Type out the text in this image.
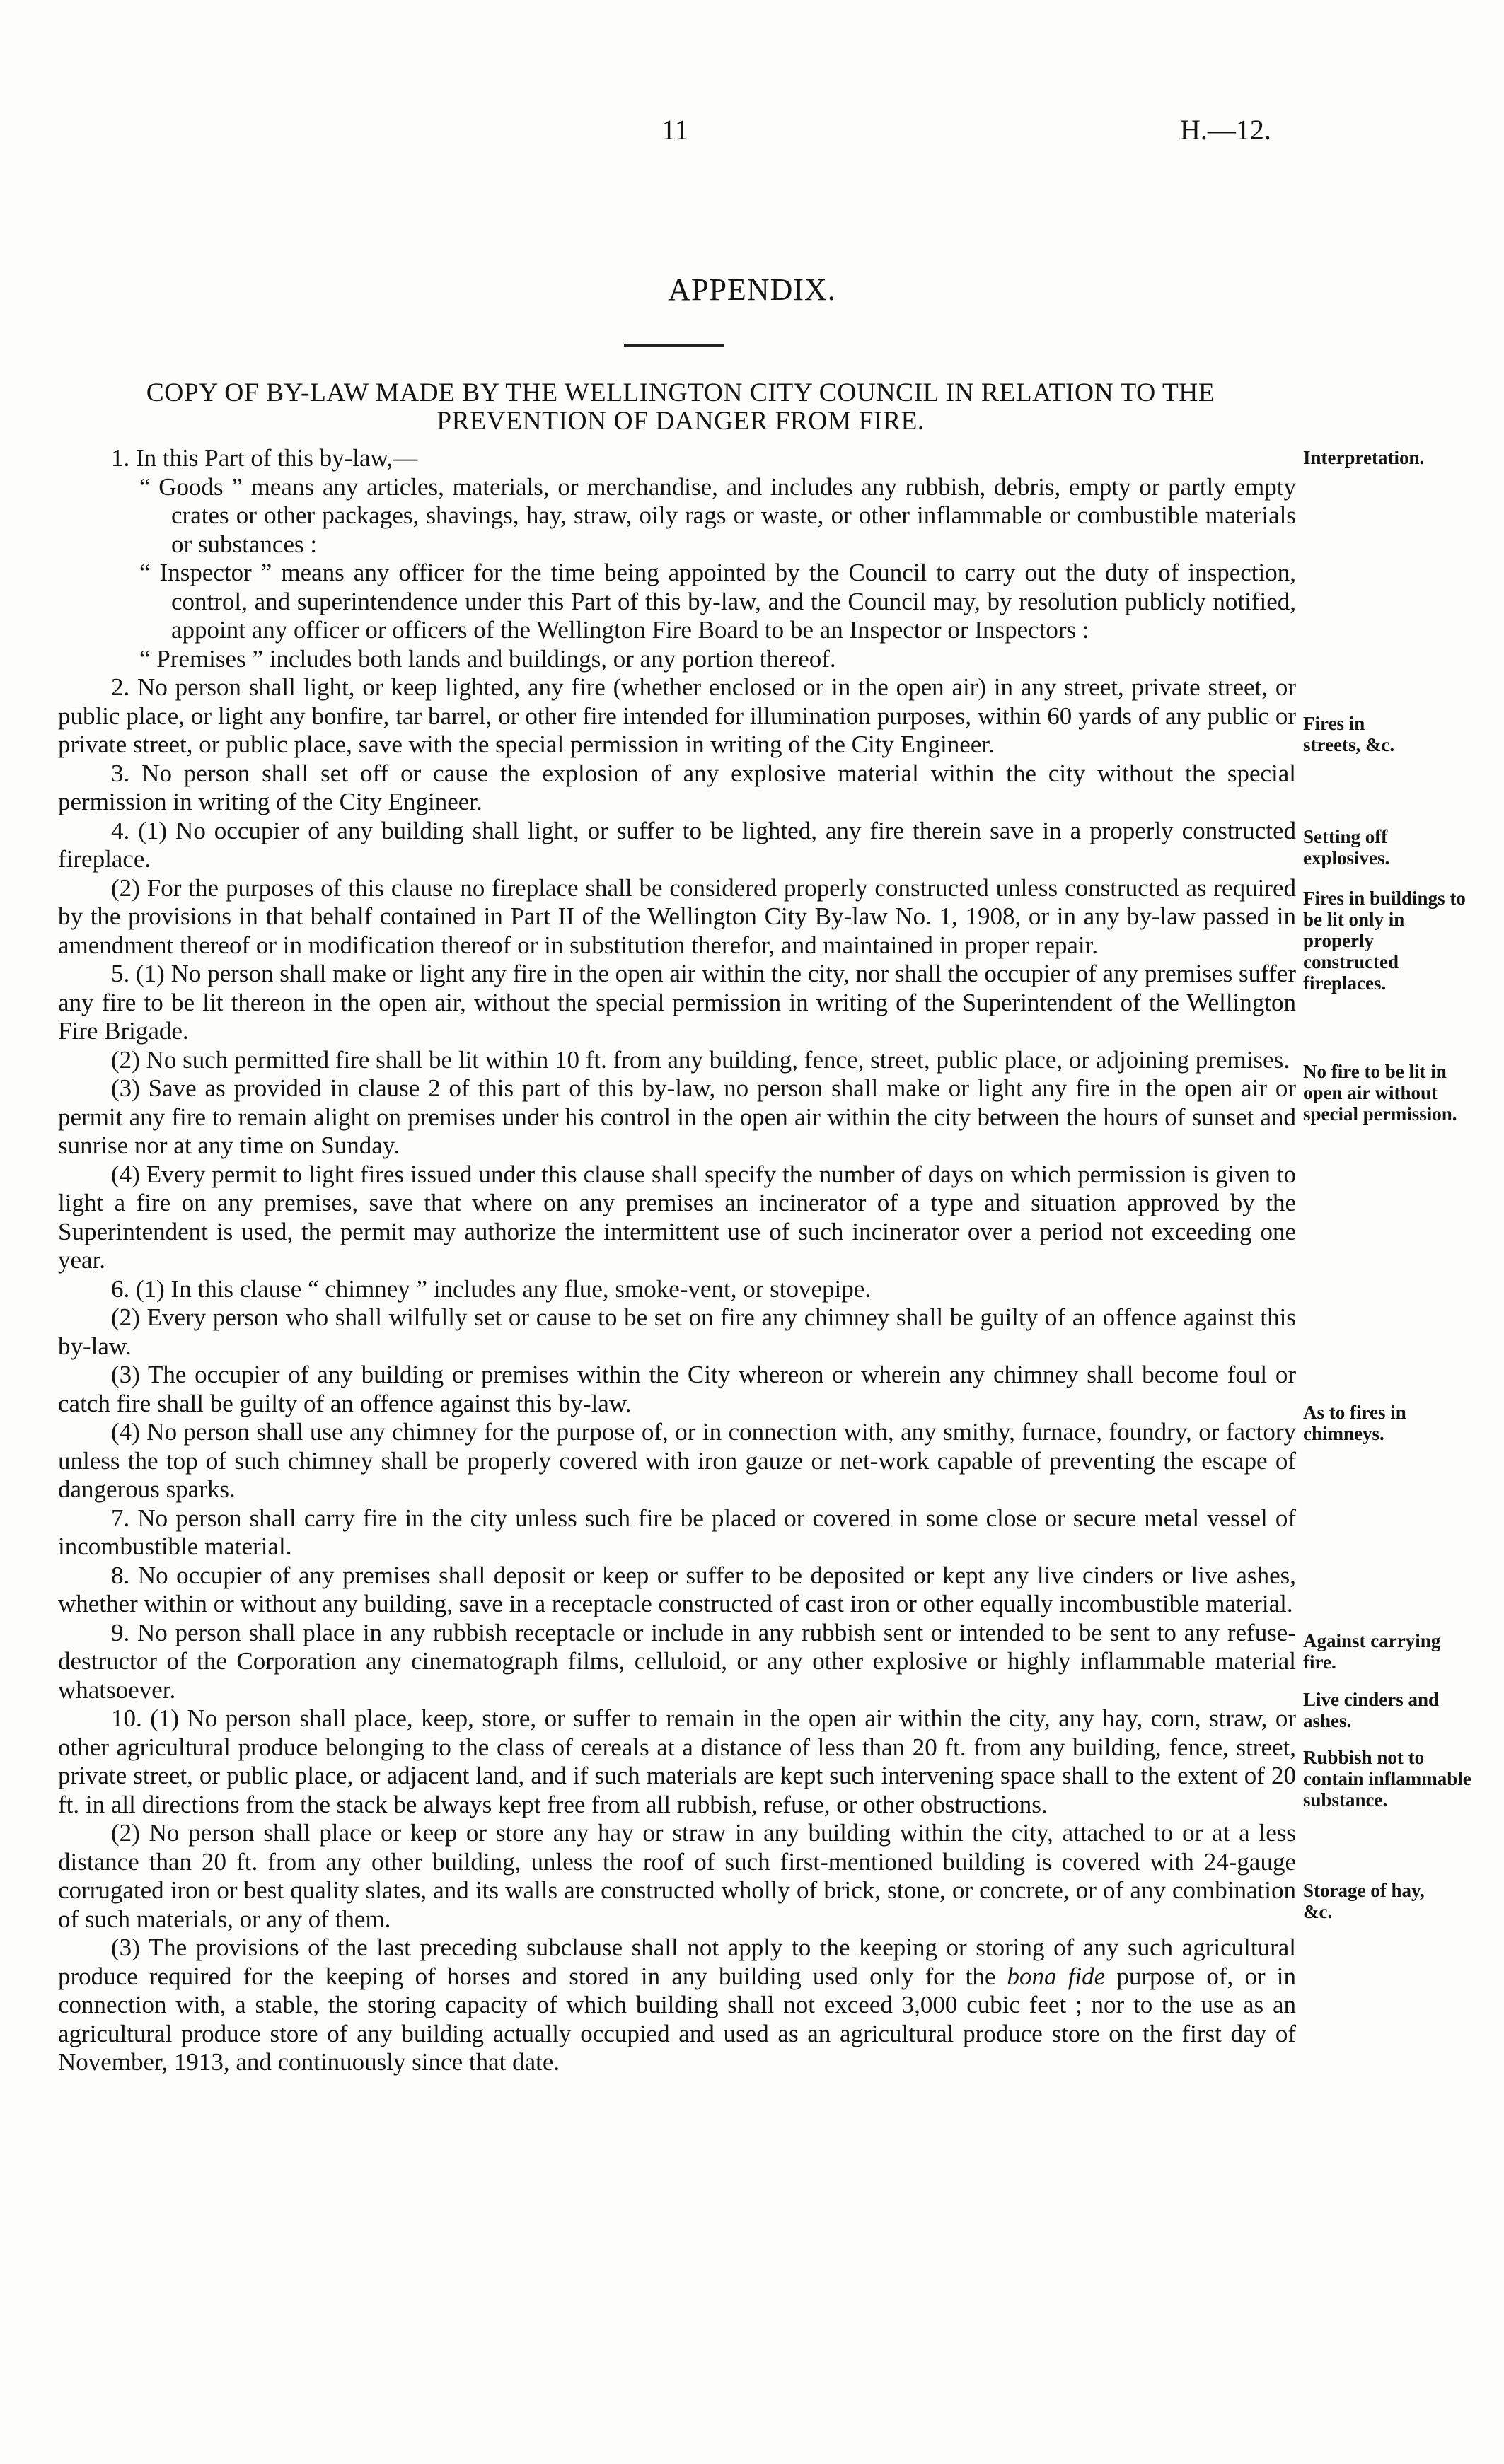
11	H.—12.
APPENDIX.
COPY OF BY-LAW MADE BY THE WELLINGTON CITY COUNCIL IN RELATION TO THE PREVENTION OF DANGER FROM FIRE.

1. In this Part of this by-law,—

“ Goods ” means any articles, materials, or merchandise, and includes any rubbish, debris, empty or partly empty crates or other packages, shavings, hay, straw, oily rags or waste, or other inflammable or combustible materials or substances :

“ Inspector ” means any officer for the time being appointed by the Council to carry out the duty of inspection, control, and superintendence under this Part of this by-law, and the Council may, by resolution publicly notified, appoint any officer or officers of the Wellington Fire Board to be an Inspector or Inspectors :

“ Premises ” includes both lands and buildings, or any portion thereof.

2. No person shall light, or keep lighted, any fire (whether enclosed or in the open air) in any street, private street, or public place, or light any bonfire, tar barrel, or other fire intended for illumination purposes, within 60 yards of any public or private street, or public place, save with the special permission in writing of the City Engineer.

3. No person shall set off or cause the explosion of any explosive material within the city without the special permission in writing of the City Engineer.

4. (1) No occupier of any building shall light, or suffer to be lighted, any fire therein save in a properly constructed fireplace.

(2) For the purposes of this clause no fireplace shall be considered properly constructed unless constructed as required by the provisions in that behalf contained in Part II of the Wellington City By-law No. 1, 1908, or in any by-law passed in amendment thereof or in modification thereof or in substitution therefor, and maintained in proper repair.

5. (1) No person shall make or light any fire in the open air within the city, nor shall the occupier of any premises suffer any fire to be lit thereon in the open air, without the special permission in writing of the Superintendent of the Wellington Fire Brigade.

(2) No such permitted fire shall be lit within 10 ft. from any building, fence, street, public place, or adjoining premises.

(3) Save as provided in clause 2 of this part of this by-law, no person shall make or light any fire in the open air or permit any fire to remain alight on premises under his control in the open air within the city between the hours of sunset and sunrise nor at any time on Sunday.

(4) Every permit to light fires issued under this clause shall specify the number of days on which permission is given to light a fire on any premises, save that where on any premises an incinerator of a type and situation approved by the Superintendent is used, the permit may authorize the intermittent use of such incinerator over a period not exceeding one year.

6. (1) In this clause “ chimney ” includes any flue, smoke-vent, or stovepipe.

(2) Every person who shall wilfully set or cause to be set on fire any chimney shall be guilty of an offence against this by-law.

(3) The occupier of any building or premises within the City whereon or wherein any chimney shall become foul or catch fire shall be guilty of an offence against this by-law.

(4) No person shall use any chimney for the purpose of, or in connection with, any smithy, furnace, foundry, or factory unless the top of such chimney shall be properly covered with iron gauze or net-work capable of preventing the escape of dangerous sparks.

7. No person shall carry fire in the city unless such fire be placed or covered in some close or secure metal vessel of incombustible material.

8. No occupier of any premises shall deposit or keep or suffer to be deposited or kept any live cinders or live ashes, whether within or without any building, save in a receptacle constructed of cast iron or other equally incombustible material.

9. No person shall place in any rubbish receptacle or include in any rubbish sent or intended to be sent to any refuse-destructor of the Corporation any cinematograph films, celluloid, or any other explosive or highly inflammable material whatsoever.

10. (1) No person shall place, keep, store, or suffer to remain in the open air within the city, any hay, corn, straw, or other agricultural produce belonging to the class of cereals at a distance of less than 20 ft. from any building, fence, street, private street, or public place, or adjacent land, and if such materials are kept such intervening space shall to the extent of 20 ft. in all directions from the stack be always kept free from all rubbish, refuse, or other obstructions.

(2) No person shall place or keep or store any hay or straw in any building within the city, attached to or at a less distance than 20 ft. from any other building, unless the roof of such first-mentioned building is covered with 24-gauge corrugated iron or best quality slates, and its walls are constructed wholly of brick, stone, or concrete, or of any combination of such materials, or any of them.

(3) The provisions of the last preceding subclause shall not apply to the keeping or storing of any such agricultural produce required for the keeping of horses and stored in any building used only for the bona fide purpose of, or in connection with, a stable, the storing capacity of which building shall not exceed 3,000 cubic feet ; nor to the use as an agricultural produce store of any building actually occupied and used as an agricultural produce store on the first day of November, 1913, and continuously since that date.

Interpretation.
Fires in streets, &c.
Setting off explosives.
Fires in buildings to be lit only in properly constructed fireplaces.
No fire to be lit in open air without special permission.
As to fires in chimneys.
Against carrying fire.
Live cinders and ashes.
Rubbish not to contain inflammable substance.
Storage of hay, &c.
